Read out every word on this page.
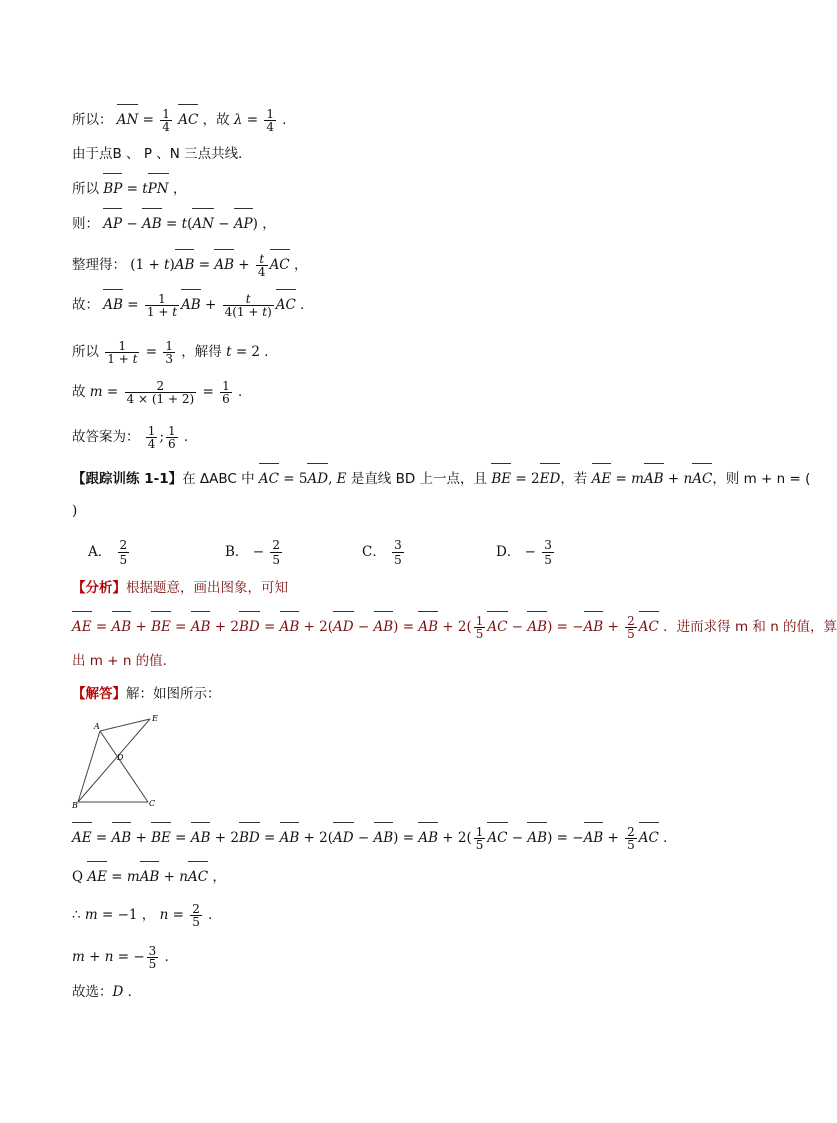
所以： AN = $\frac{1}{4}$ AC ，故 $\lambda = \frac{1}{4}$ ．
由于点B 、 P 、N 三点共线．
所以 BP = tPN ，
则： AP − AB = t(AN − AP) ，
整理得： (1 + t)AB = AB + $\frac{t}{4}$ AC ，
故： AB = $\frac{1}{1 + t}$ AB + $\frac{t}{4(1 + t)}$ AC ．
所以 $\frac{1}{1 + t} = \frac{1}{3}$ ，解得 t = 2 ．
故 $m = \frac{2}{4 \times (1 + 2)} = \frac{1}{6}$ ．
故答案为： $\frac{1}{4}$ ; $\frac{1}{6}$ ．
【跟踪训练 1-1】在 ΔABC 中 AC = 5AD, E 是直线 BD 上一点，且 BE = 2ED，若 AE = mAB + nAC，则 m + n = (
)
A． $\frac{2}{5}$	B． − $\frac{2}{5}$	C． $\frac{3}{5}$	D． − $\frac{3}{5}$
【分析】根据题意，画出图象，可知
AE = AB + BE = AB + 2BD = AB + 2(AD − AB) = AB + $2( \frac{1}{5}$ AC − $AB) = -AB + \frac{2}{5}$ AC ．进而求得 m 和 n 的值，算
出 m + n 的值．
【解答】解：如图所示：
A
B	C
D
E
AE = AB + BE = AB + 2BD = AB + 2(AD − AB) = AB + $2( \frac{1}{5}$ AC − $AB) = -AB + \frac{2}{5}$ AC ．
Q AE = mAB + nAC ，
∴ m = −1 ， $n = \frac{2}{5}$ ．
m + n = − $\frac{3}{5}$ ．
故选：D ．
